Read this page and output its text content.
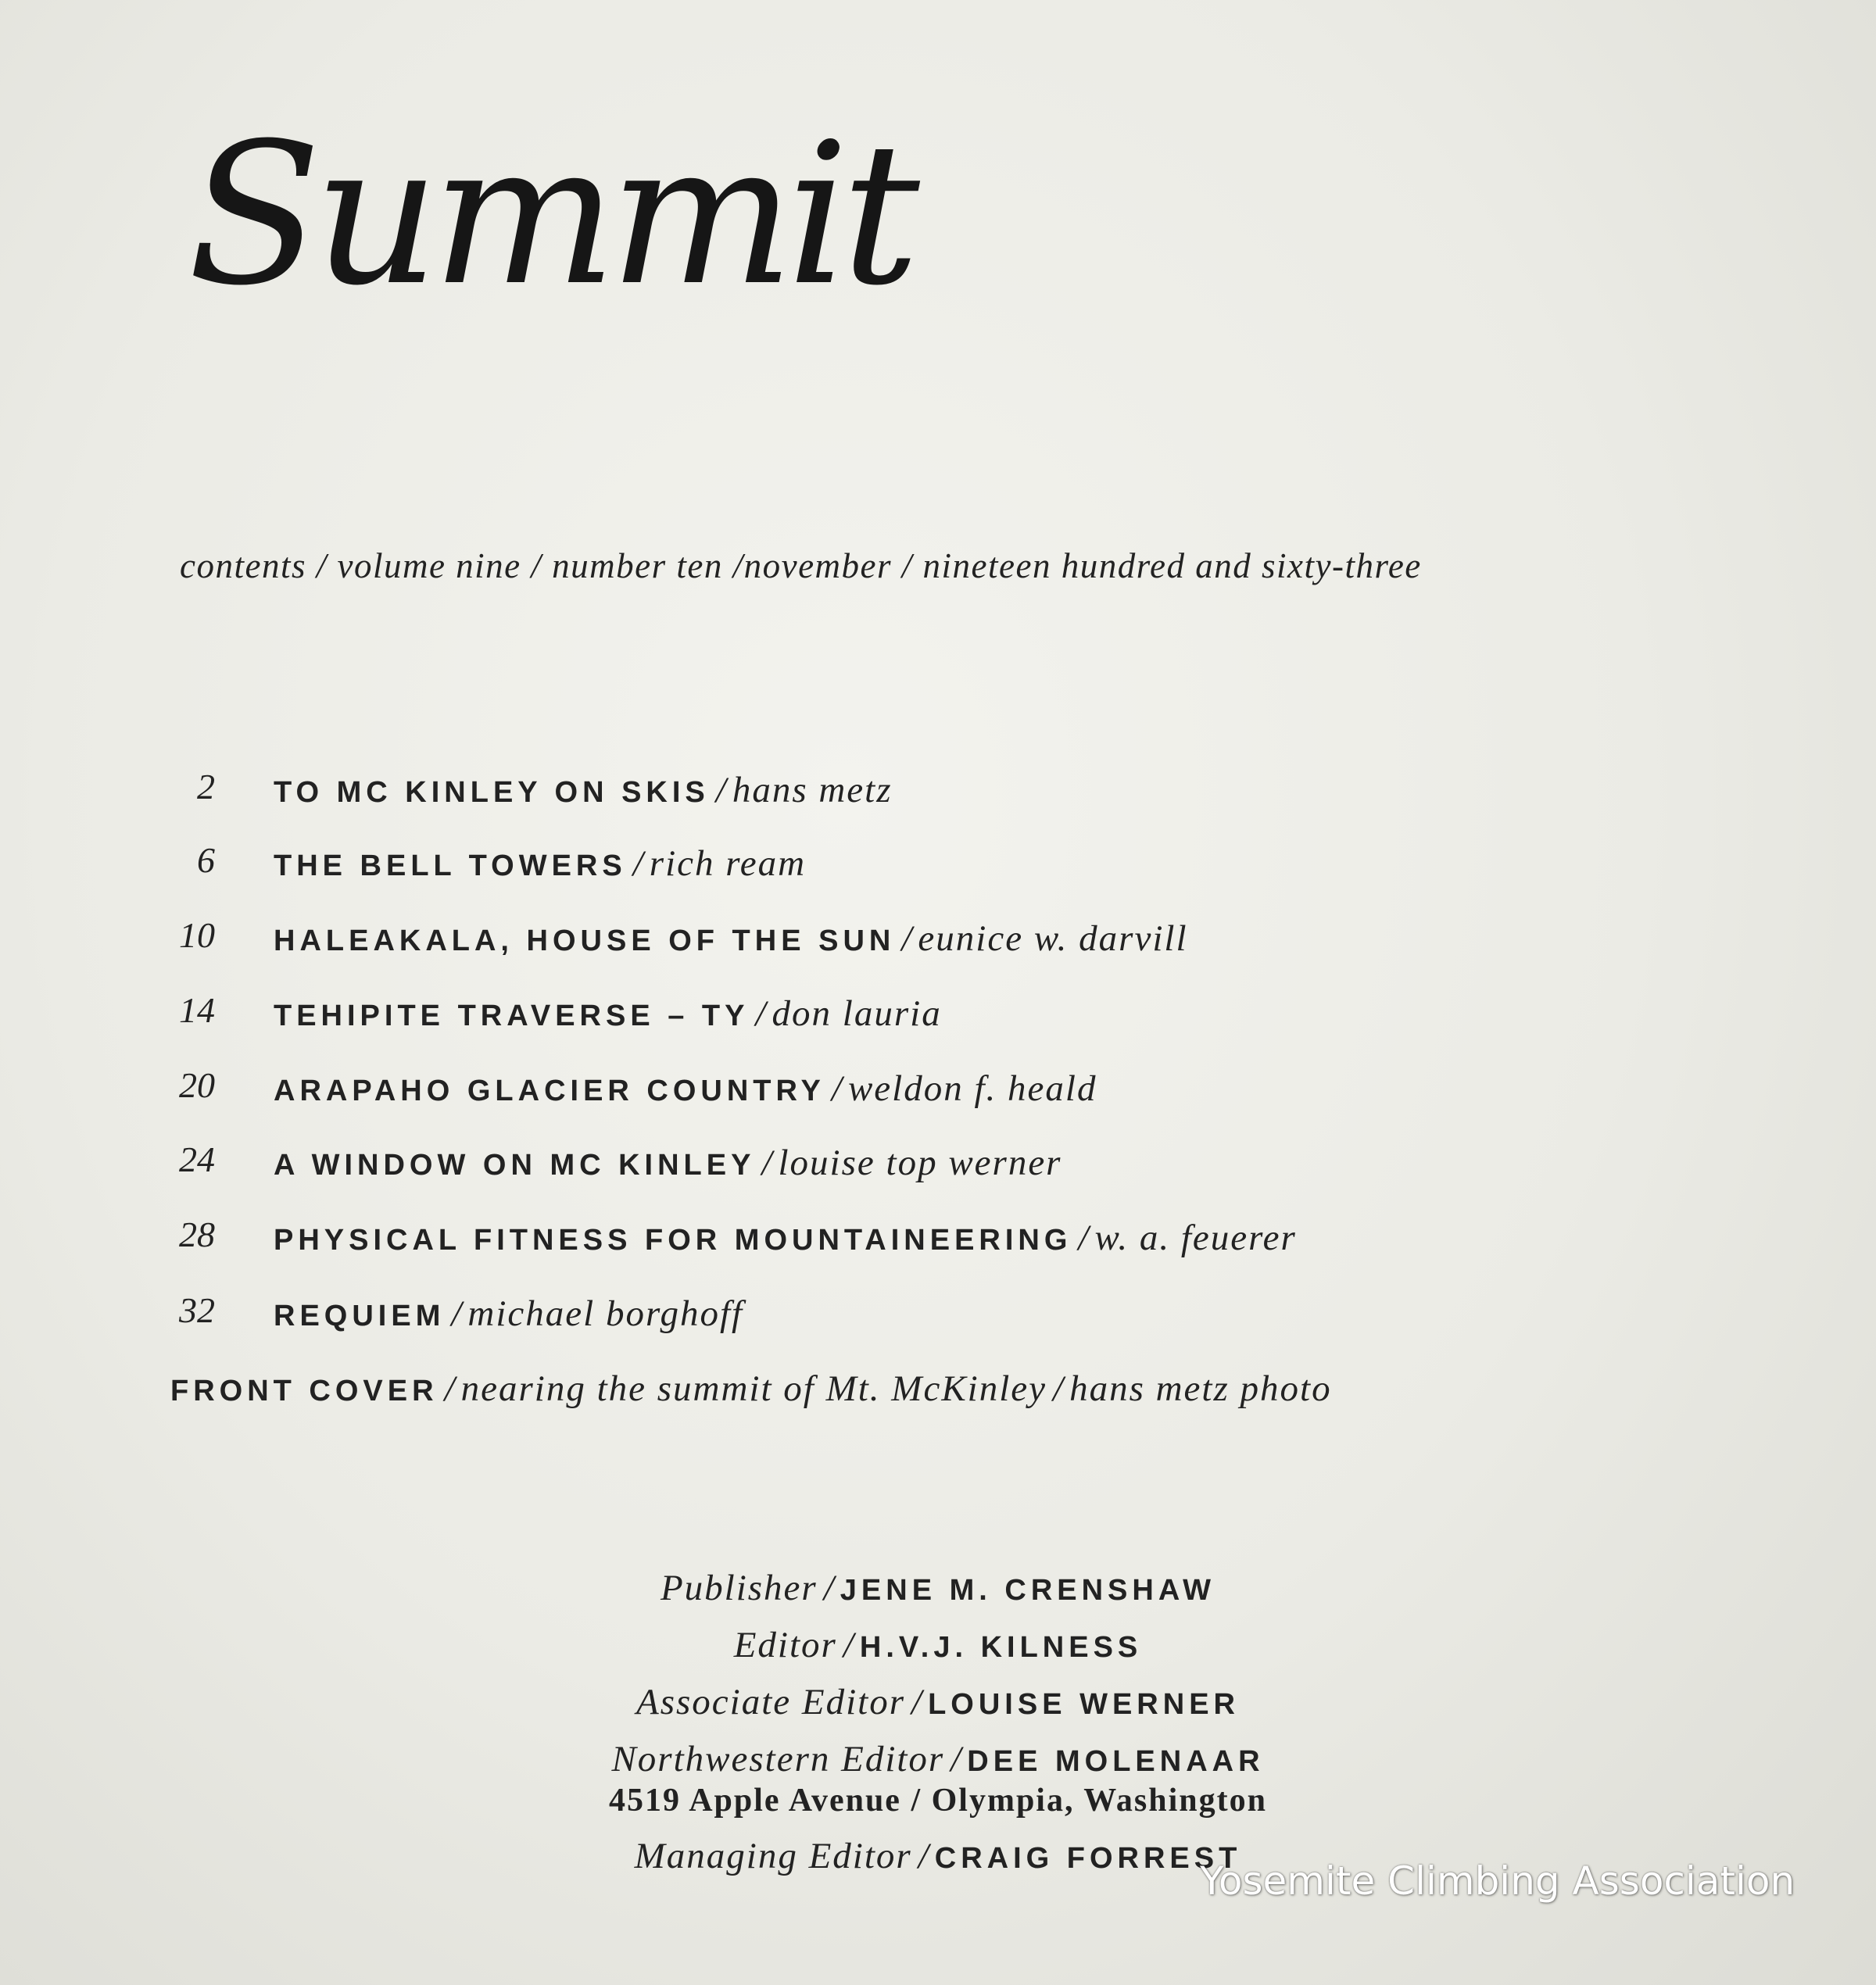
Summit

contents / volume nine / number ten /november / nineteen hundred and sixty-three

2 TO MC KINLEY ON SKIS / hans metz
6 THE BELL TOWERS / rich ream
10 HALEAKALA, HOUSE OF THE SUN / eunice w. darvill
14 TEHIPITE TRAVERSE – TY / don lauria
20 ARAPAHO GLACIER COUNTRY / weldon f. heald
24 A WINDOW ON MC KINLEY / louise top werner
28 PHYSICAL FITNESS FOR MOUNTAINEERING / w. a. feuerer
32 REQUIEM / michael borghoff
FRONT COVER / nearing the summit of Mt. McKinley / hans metz photo
Publisher / JENE M. CRENSHAW
Editor / H.V.J. KILNESS
Associate Editor / LOUISE WERNER
Northwestern Editor / DEE MOLENAAR
4519 Apple Avenue / Olympia, Washington
Managing Editor / CRAIG FORREST
Yosemite Climbing Association
